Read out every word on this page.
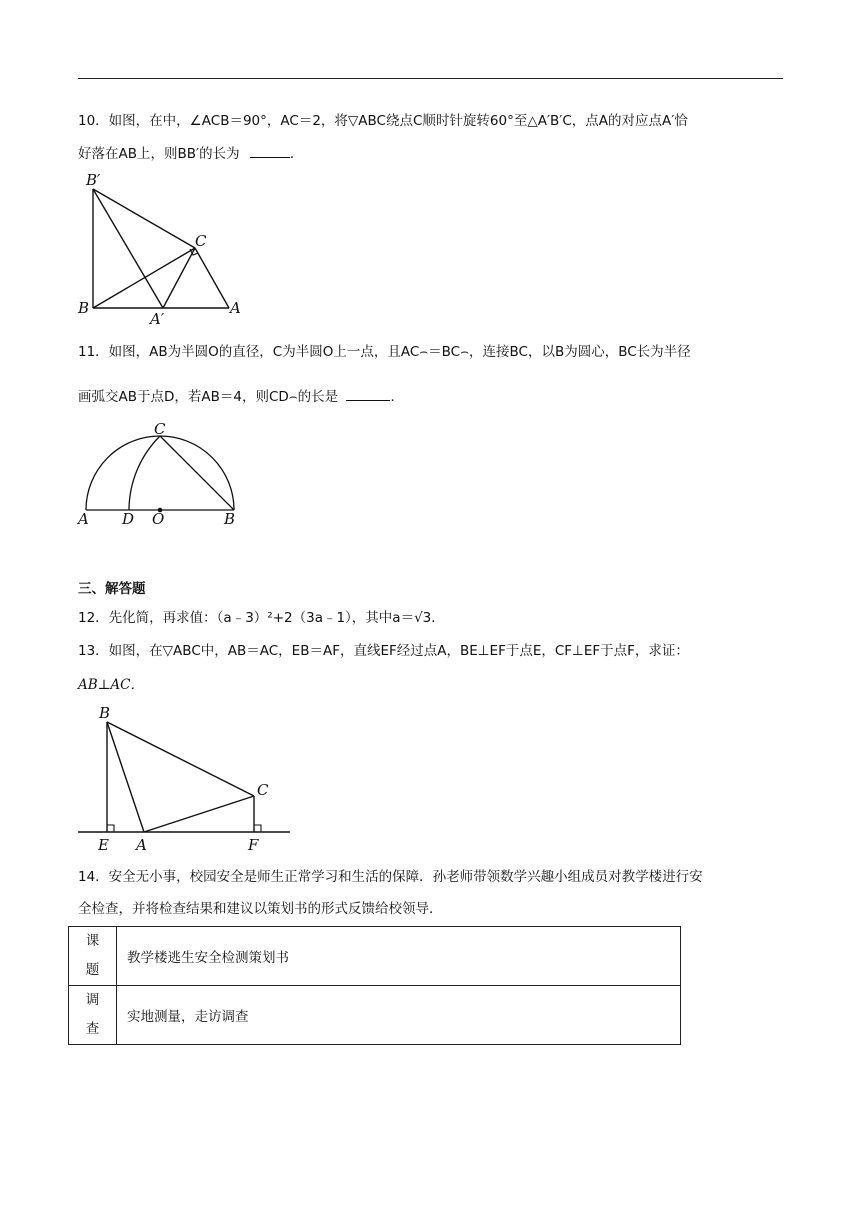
10．如图，在中，∠ACB＝90°，AC＝2，将▽ABC绕点C顺时针旋转60°至△A′B′C，点A的对应点A′恰
好落在AB上，则BB′的长为	．
B′
C
B
A′
A
11．如图，AB为半圆O的直径，C为半圆O上一点，且AC⌢＝BC⌢，连接BC，以B为圆心，BC长为半径
画弧交AB于点D，若AB＝4，则CD⌢的长是	．
C
A D O	B
三、解答题
12．先化简，再求值：（a﹣3）²+2（3a﹣1），其中a＝√3．
13．如图，在▽ABC中，AB＝AC，EB＝AF，直线EF经过点A，BE⊥EF于点E，CF⊥EF于点F，求证：
AB⊥AC．
B
C
E A	F
14．安全无小事，校园安全是师生正常学习和生活的保障．孙老师带领数学兴趣小组成员对教学楼进行安
全检查，并将检查结果和建议以策划书的形式反馈给校领导．
课
题	教学楼逃生安全检测策划书

调
查	实地测量，走访调查
